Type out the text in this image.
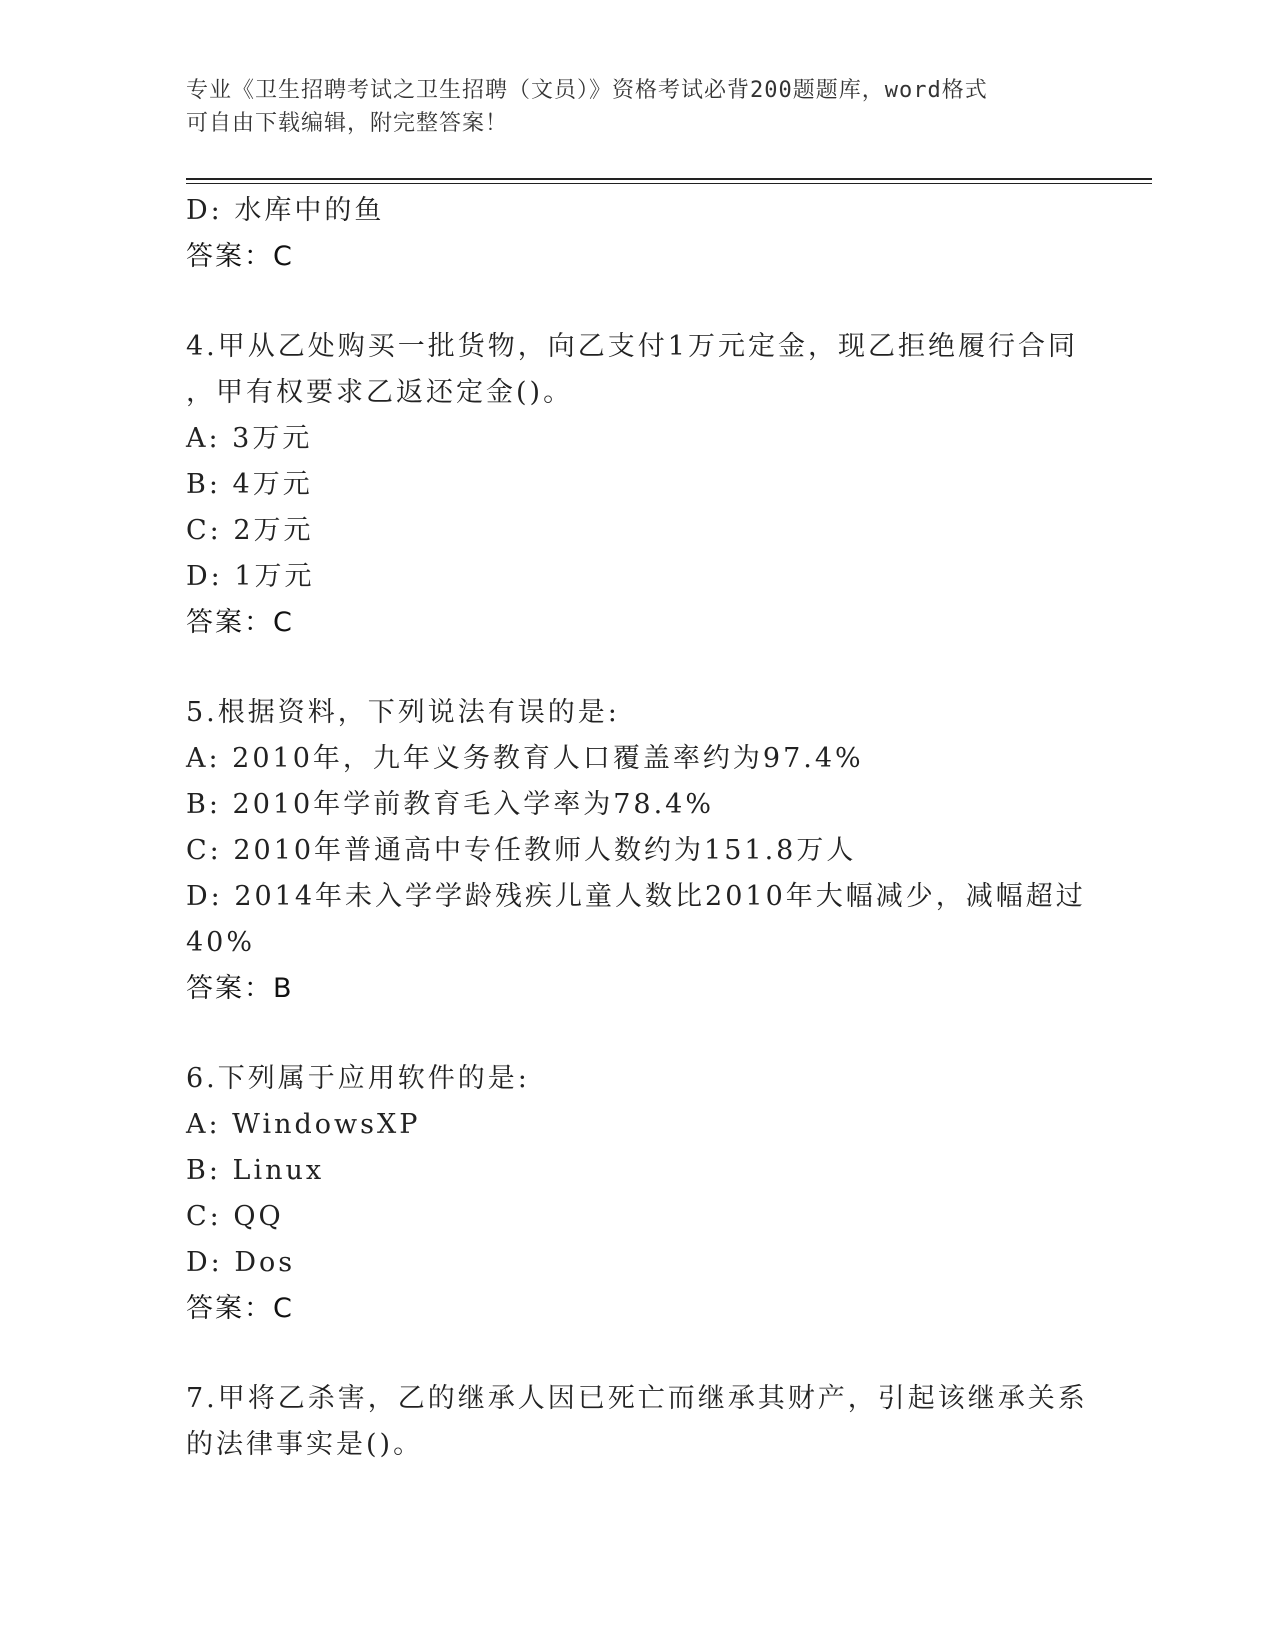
专业《卫生招聘考试之卫生招聘（文员）》资格考试必背200题题库，word格式
可自由下载编辑，附完整答案！
D: 水库中的鱼
答案：C
4.甲从乙处购买一批货物，向乙支付1万元定金，现乙拒绝履行合同
，甲有权要求乙返还定金()。
A: 3万元
B: 4万元
C: 2万元
D: 1万元
答案：C
5.根据资料，下列说法有误的是:
A: 2010年，九年义务教育人口覆盖率约为97.4%
B: 2010年学前教育毛入学率为78.4%
C: 2010年普通高中专任教师人数约为151.8万人
D: 2014年未入学学龄残疾儿童人数比2010年大幅减少，减幅超过
40%
答案：B
6.下列属于应用软件的是:
A: WindowsXP
B: Linux
C: QQ
D: Dos
答案：C
7.甲将乙杀害，乙的继承人因已死亡而继承其财产，引起该继承关系
的法律事实是()。
